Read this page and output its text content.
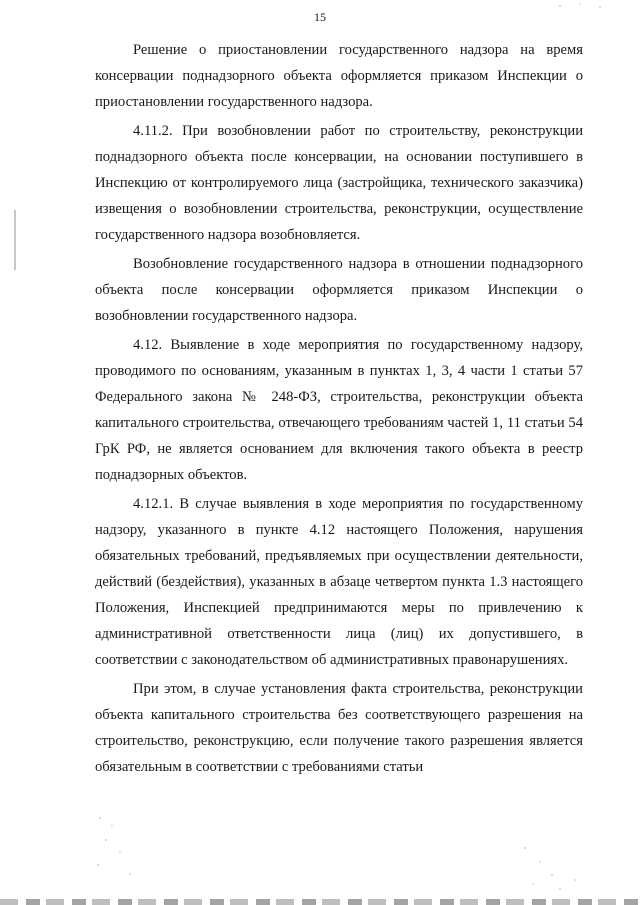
15

Решение о приостановлении государственного надзора на время консервации поднадзорного объекта оформляется приказом Инспекции о приостановлении государственного надзора.

4.11.2. При возобновлении работ по строительству, реконструкции поднадзорного объекта после консервации, на основании поступившего в Инспекцию от контролируемого лица (застройщика, технического заказчика) извещения о возобновлении строительства, реконструкции, осуществление государственного надзора возобновляется.

Возобновление государственного надзора в отношении поднадзорного объекта после консервации оформляется приказом Инспекции о возобновлении государственного надзора.

4.12. Выявление в ходе мероприятия по государственному надзору, проводимого по основаниям, указанным в пунктах 1, 3, 4 части 1 статьи 57 Федерального закона № 248-ФЗ, строительства, реконструкции объекта капитального строительства, отвечающего требованиям частей 1, 11 статьи 54 ГрК РФ, не является основанием для включения такого объекта в реестр поднадзорных объектов.

4.12.1. В случае выявления в ходе мероприятия по государственному надзору, указанного в пункте 4.12 настоящего Положения, нарушения обязательных требований, предъявляемых при осуществлении деятельности, действий (бездействия), указанных в абзаце четвертом пункта 1.3 настоящего Положения, Инспекцией предпринимаются меры по привлечению к административной ответственности лица (лиц) их допустившего, в соответствии с законодательством об административных правонарушениях.

При этом, в случае установления факта строительства, реконструкции объекта капитального строительства без соответствующего разрешения на строительство, реконструкцию, если получение такого разрешения является обязательным в соответствии с требованиями статьи
